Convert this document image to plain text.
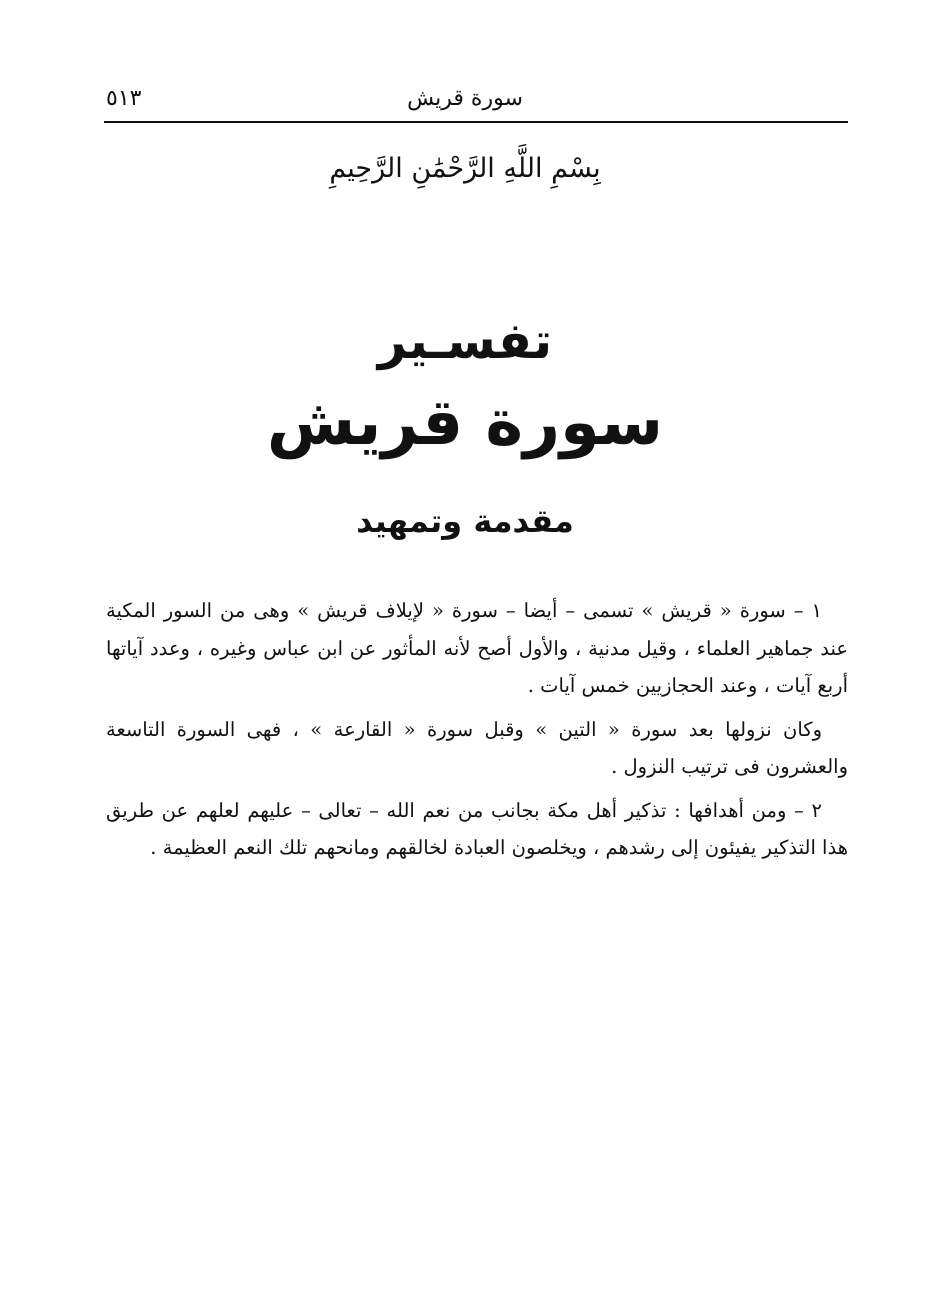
٥١٣	سورة قريش
بِسْمِ اللَّهِ الرَّحْمَٰنِ الرَّحِيمِ
تفسـير
سورة قريش
مقدمة وتمهيد

١ – سورة « قريش » تسمى – أيضا – سورة « لإيلاف قريش » وهى من السور المكية عند جماهير العلماء ، وقيل مدنية ، والأول أصح لأنه المأثور عن ابن عباس وغيره ، وعدد آياتها أربع آيات ، وعند الحجازيين خمس آيات .

وكان نزولها بعد سورة « التين » وقبل سورة « القارعة » ، فهى السورة التاسعة والعشرون فى ترتيب النزول .

٢ – ومن أهدافها : تذكير أهل مكة بجانب من نعم الله – تعالى – عليهم لعلهم عن طريق هذا التذكير يفيئون إلى رشدهم ، ويخلصون العبادة لخالقهم ومانحهم تلك النعم العظيمة .
